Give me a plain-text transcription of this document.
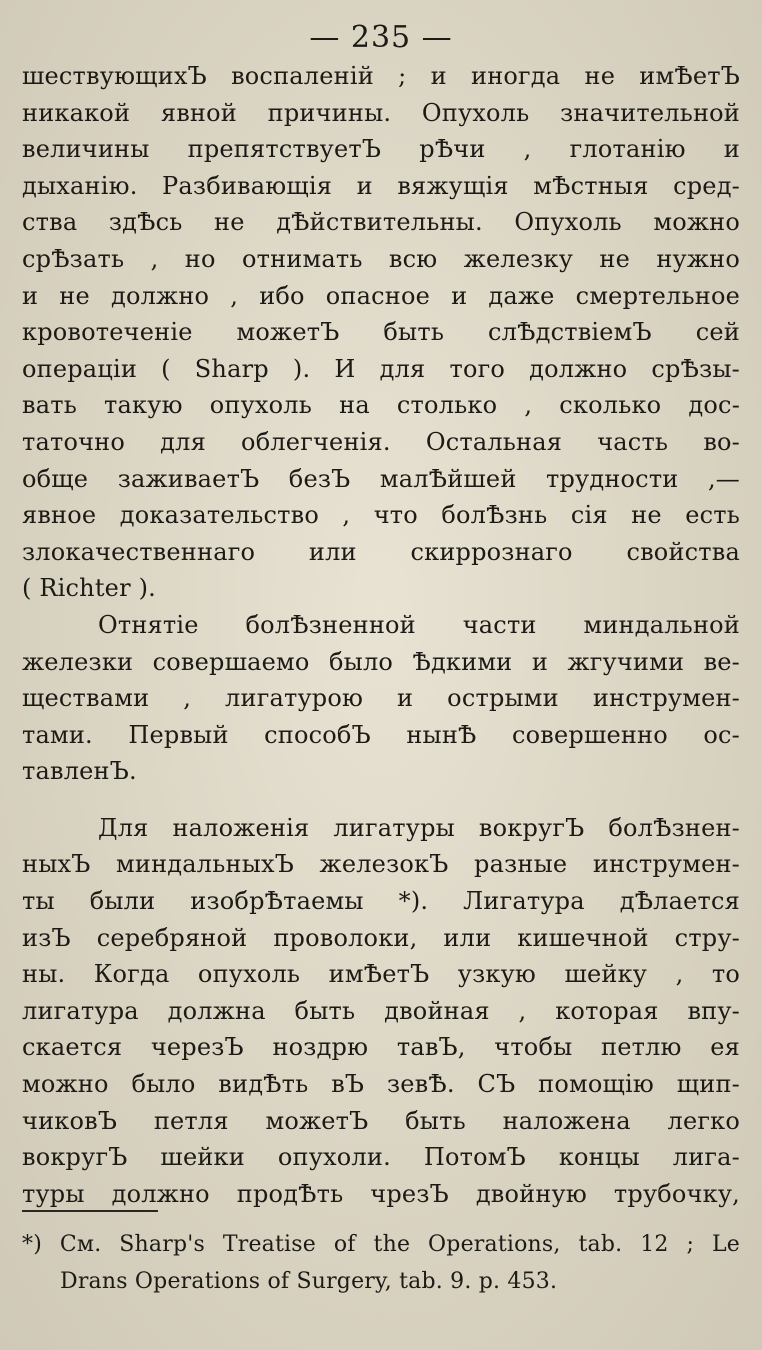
— 235 —
шествующихЪ воспаленій ; и иногда не имѢетЪ
никакой явной причины. Опухоль значительной
величины препятствуетЪ рѢчи , глотанію и
дыханію. Разбивающія и вяжущія мѢстныя сред-
ства здѢсь не дѢйствительны. Опухоль можно
срѢзать , но отнимать всю железку не нужно
и не должно , ибо опасное и даже смертельное
кровотеченіе можетЪ быть слѢдствіемЪ сей
операціи ( Sharp ). И для того должно срѢзы-
вать такую опухоль на столько , сколько дос-
таточно для облегченія. Остальная часть во-
обще заживаетЪ безЪ малѢйшей трудности ,—
явное доказательство , что болѢзнь сія не есть
злокачественнаго или скиррознаго свойства
( Richter ).
Отнятіе болѢзненной части миндальной
железки совершаемо было Ѣдкими и жгучими ве-
ществами , лигатурою и острыми инструмен-
тами. Первый способЪ нынѢ совершенно ос-
тавленЪ.
Для наложенія лигатуры вокругЪ болѢзнен-
ныхЪ миндальныхЪ железокЪ разные инструмен-
ты были изобрѢтаемы *). Лигатура дѢлается
изЪ серебряной проволоки, или кишечной стру-
ны. Когда опухоль имѢетЪ узкую шейку , то
лигатура должна быть двойная , которая впу-
скается черезЪ ноздрю тавЪ, чтобы петлю ея
можно было видѢть вЪ зевѢ. СЪ помощію щип-
чиковЪ петля можетЪ быть наложена легко
вокругЪ шейки опухоли. ПотомЪ концы лига-
туры должно продѢть чрезЪ двойную трубочку,
*) См. Sharp's Treatise of the Operations, tab. 12 ; Le
Drans Operations of Surgery, tab. 9. p. 453.
